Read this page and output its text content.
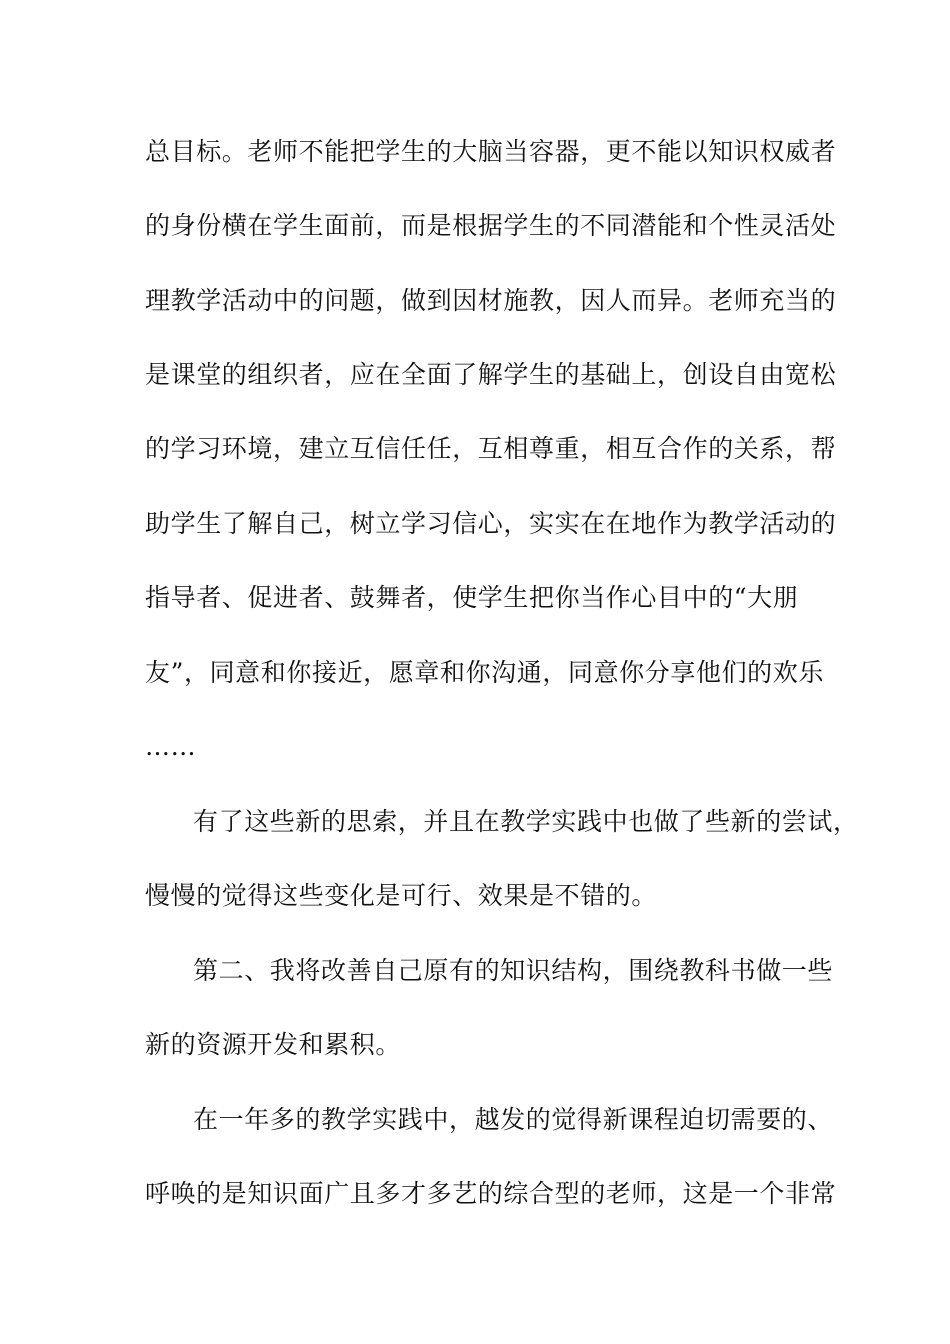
总目标。老师不能把学生的大脑当容器，更不能以知识权威者
的身份横在学生面前，而是根据学生的不同潜能和个性灵活处
理教学活动中的问题，做到因材施教，因人而异。老师充当的
是课堂的组织者，应在全面了解学生的基础上，创设自由宽松
的学习环境，建立互信任任，互相尊重，相互合作的关系，帮
助学生了解自己，树立学习信心，实实在在地作为教学活动的
指导者、促进者、鼓舞者，使学生把你当作心目中的“大朋
友”，同意和你接近，愿章和你沟通，同意你分享他们的欢乐
……
有了这些新的思索，并且在教学实践中也做了些新的尝试，
慢慢的觉得这些变化是可行、效果是不错的。
第二、我将改善自己原有的知识结构，围绕教科书做一些
新的资源开发和累积。
在一年多的教学实践中，越发的觉得新课程迫切需要的、
呼唤的是知识面广且多才多艺的综合型的老师，这是一个非常
